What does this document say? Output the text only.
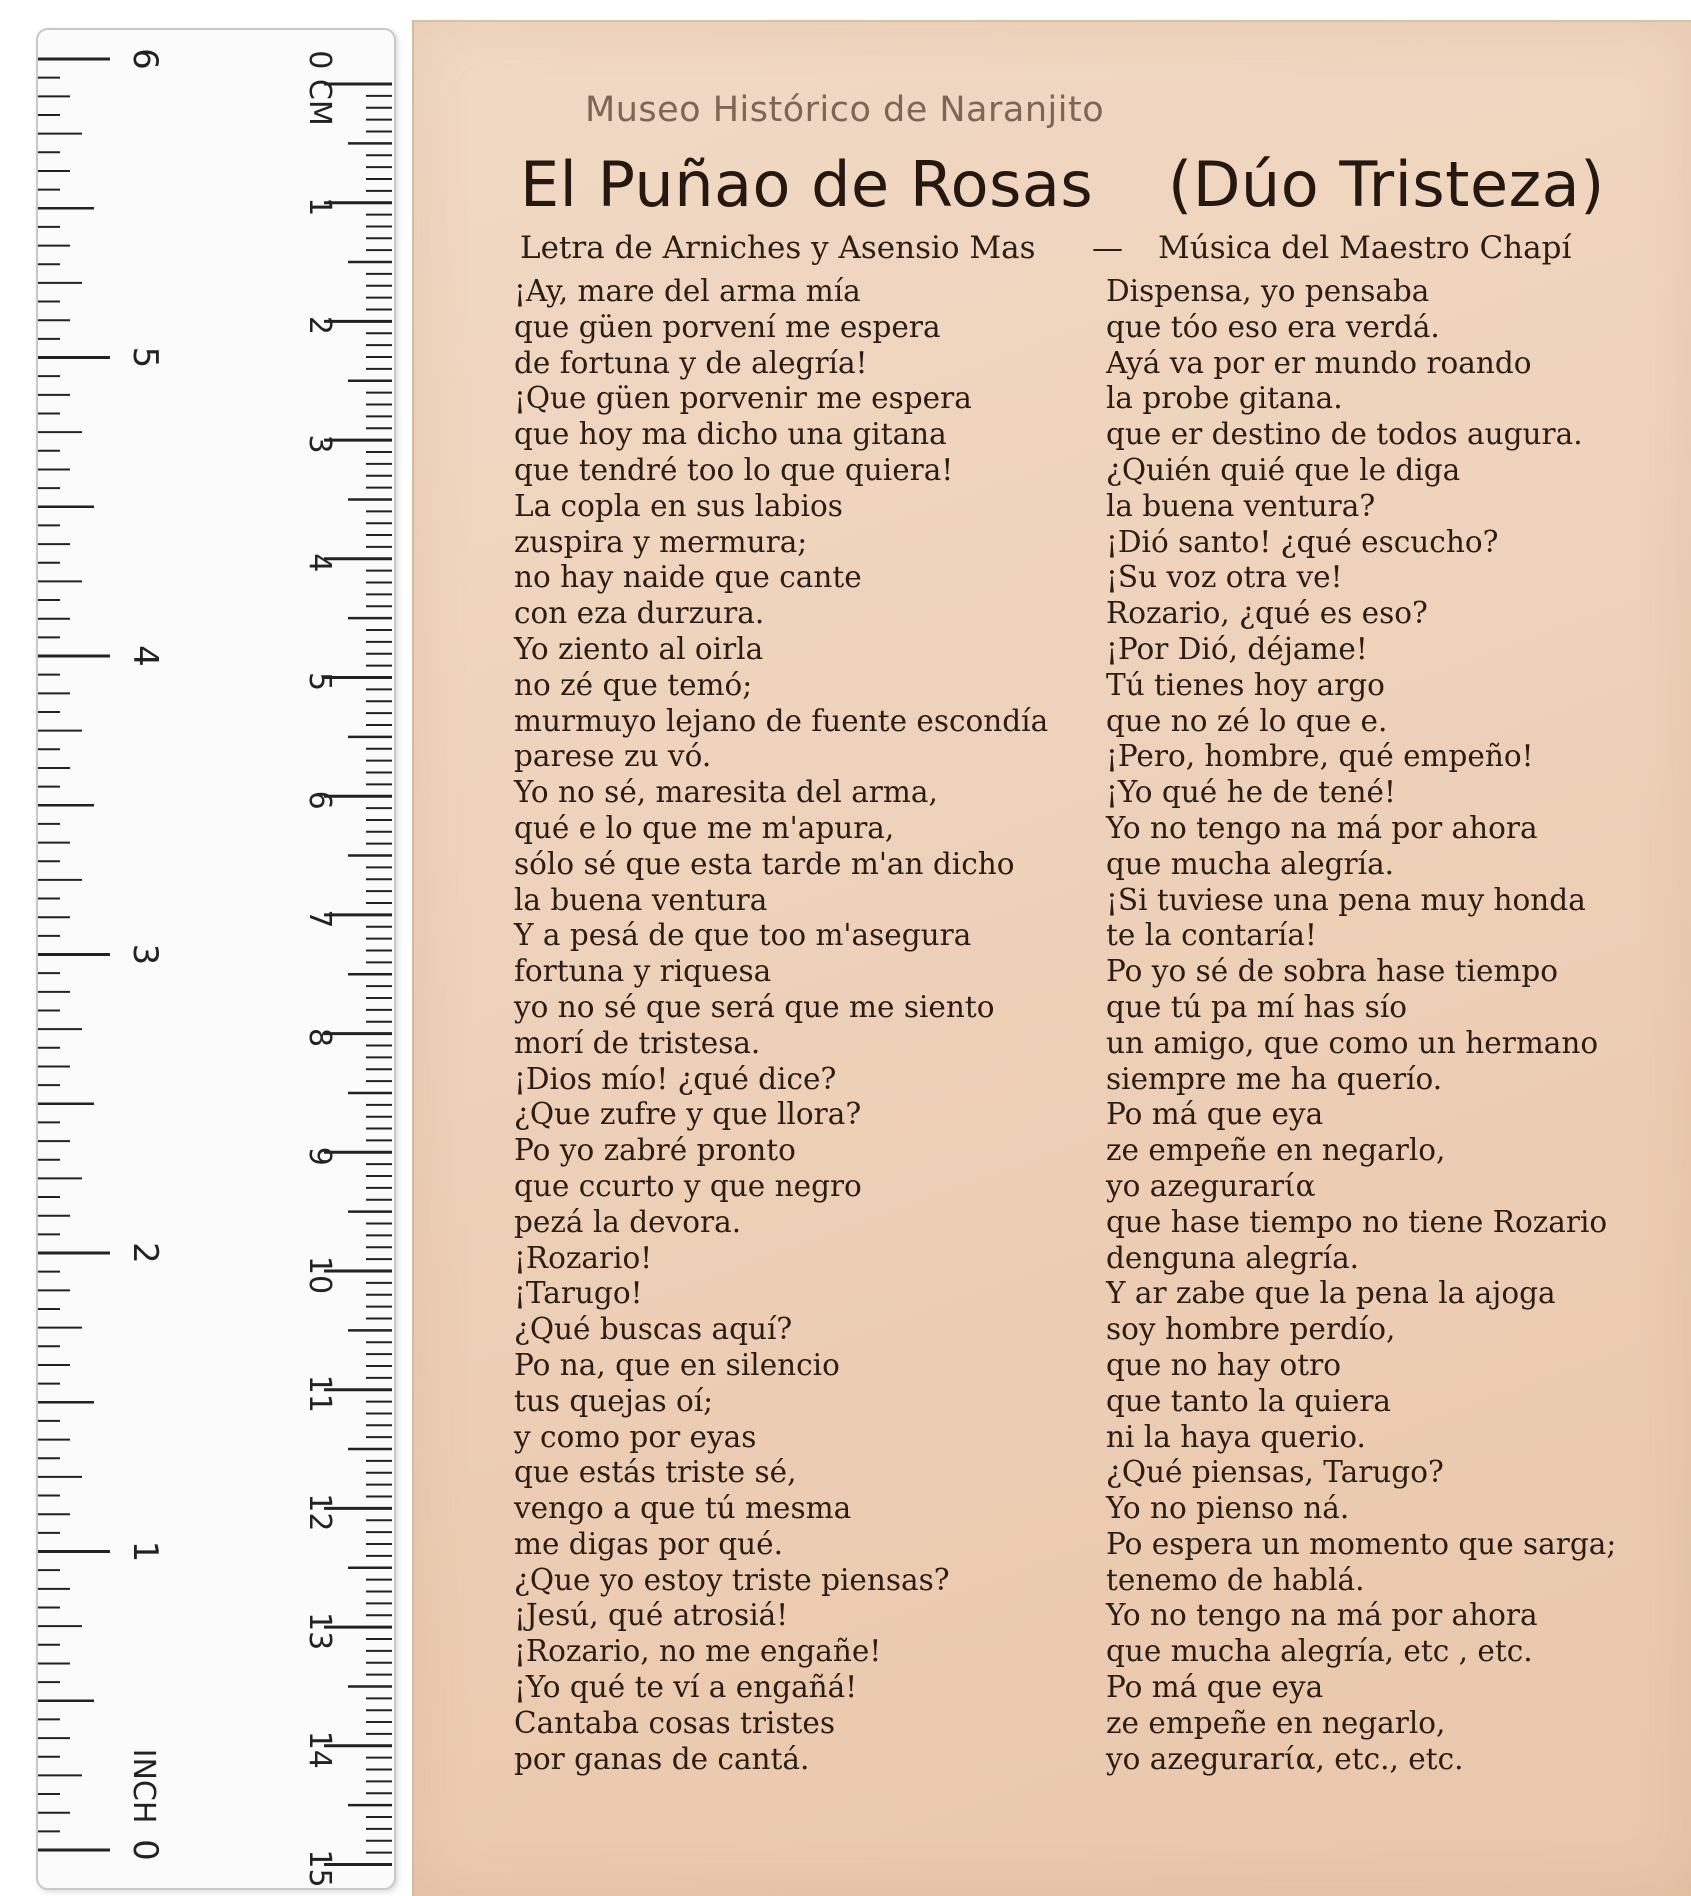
0 CM
1
2
3
4
5
6
7
8
9
10
11
12
13
14
15
1
2
3
4
5
6
INCH
0
Museo Histórico de Naranjito
El Puñao de Rosas (Dúo Tristeza)
Letra de Arniches y Asensio Mas — Música del Maestro Chapí
¡Ay, mare del arma mía
que güen porvení me espera
de fortuna y de alegría!
¡Que güen porvenir me espera
que hoy ma dicho una gitana
que tendré too lo que quiera!
La copla en sus labios
zuspira y mermura;
no hay naide que cante
con eza durzura.
Yo ziento al oirla
no zé que temó;
murmuyo lejano de fuente escondía
parese zu vó.
Yo no sé, maresita del arma,
qué e lo que me m'apura,
sólo sé que esta tarde m'an dicho
la buena ventura
Y a pesá de que too m'asegura
fortuna y riquesa
yo no sé que será que me siento
morí de tristesa.
¡Dios mío! ¿qué dice?
¿Que zufre y que llora?
Po yo zabré pronto
que ccurto y que negro
pezá la devora.
¡Rozario!
¡Tarugo!
¿Qué buscas aquí?
Po na, que en silencio
tus quejas oí;
y como por eyas
que estás triste sé,
vengo a que tú mesma
me digas por qué.
¿Que yo estoy triste piensas?
¡Jesú, qué atrosiá!
¡Rozario, no me engañe!
¡Yo qué te ví a engañá!
Cantaba cosas tristes
por ganas de cantá.
Dispensa, yo pensaba
que tóo eso era verdá.
Ayá va por er mundo roando
la probe gitana.
que er destino de todos augura.
¿Quién quié que le diga
la buena ventura?
¡Dió santo! ¿qué escucho?
¡Su voz otra ve!
Rozario, ¿qué es eso?
¡Por Dió, déjame!
Tú tienes hoy argo
que no zé lo que e.
¡Pero, hombre, qué empeño!
¡Yo qué he de tené!
Yo no tengo na má por ahora
que mucha alegría.
¡Si tuviese una pena muy honda
te la contaría!
Po yo sé de sobra hase tiempo
que tú pa mí has sío
un amigo, que como un hermano
siempre me ha querío.
Po má que eya
ze empeñe en negarlo,
yo azegurarία
que hase tiempo no tiene Rozario
denguna alegría.
Y ar zabe que la pena la ajoga
soy hombre perdío,
que no hay otro
que tanto la quiera
ni la haya querio.
¿Qué piensas, Tarugo?
Yo no pienso ná.
Po espera un momento que sarga;
tenemo de hablá.
Yo no tengo na má por ahora
que mucha alegría, etc , etc.
Po má que eya
ze empeñe en negarlo,
yo azegurarία, etc., etc.
